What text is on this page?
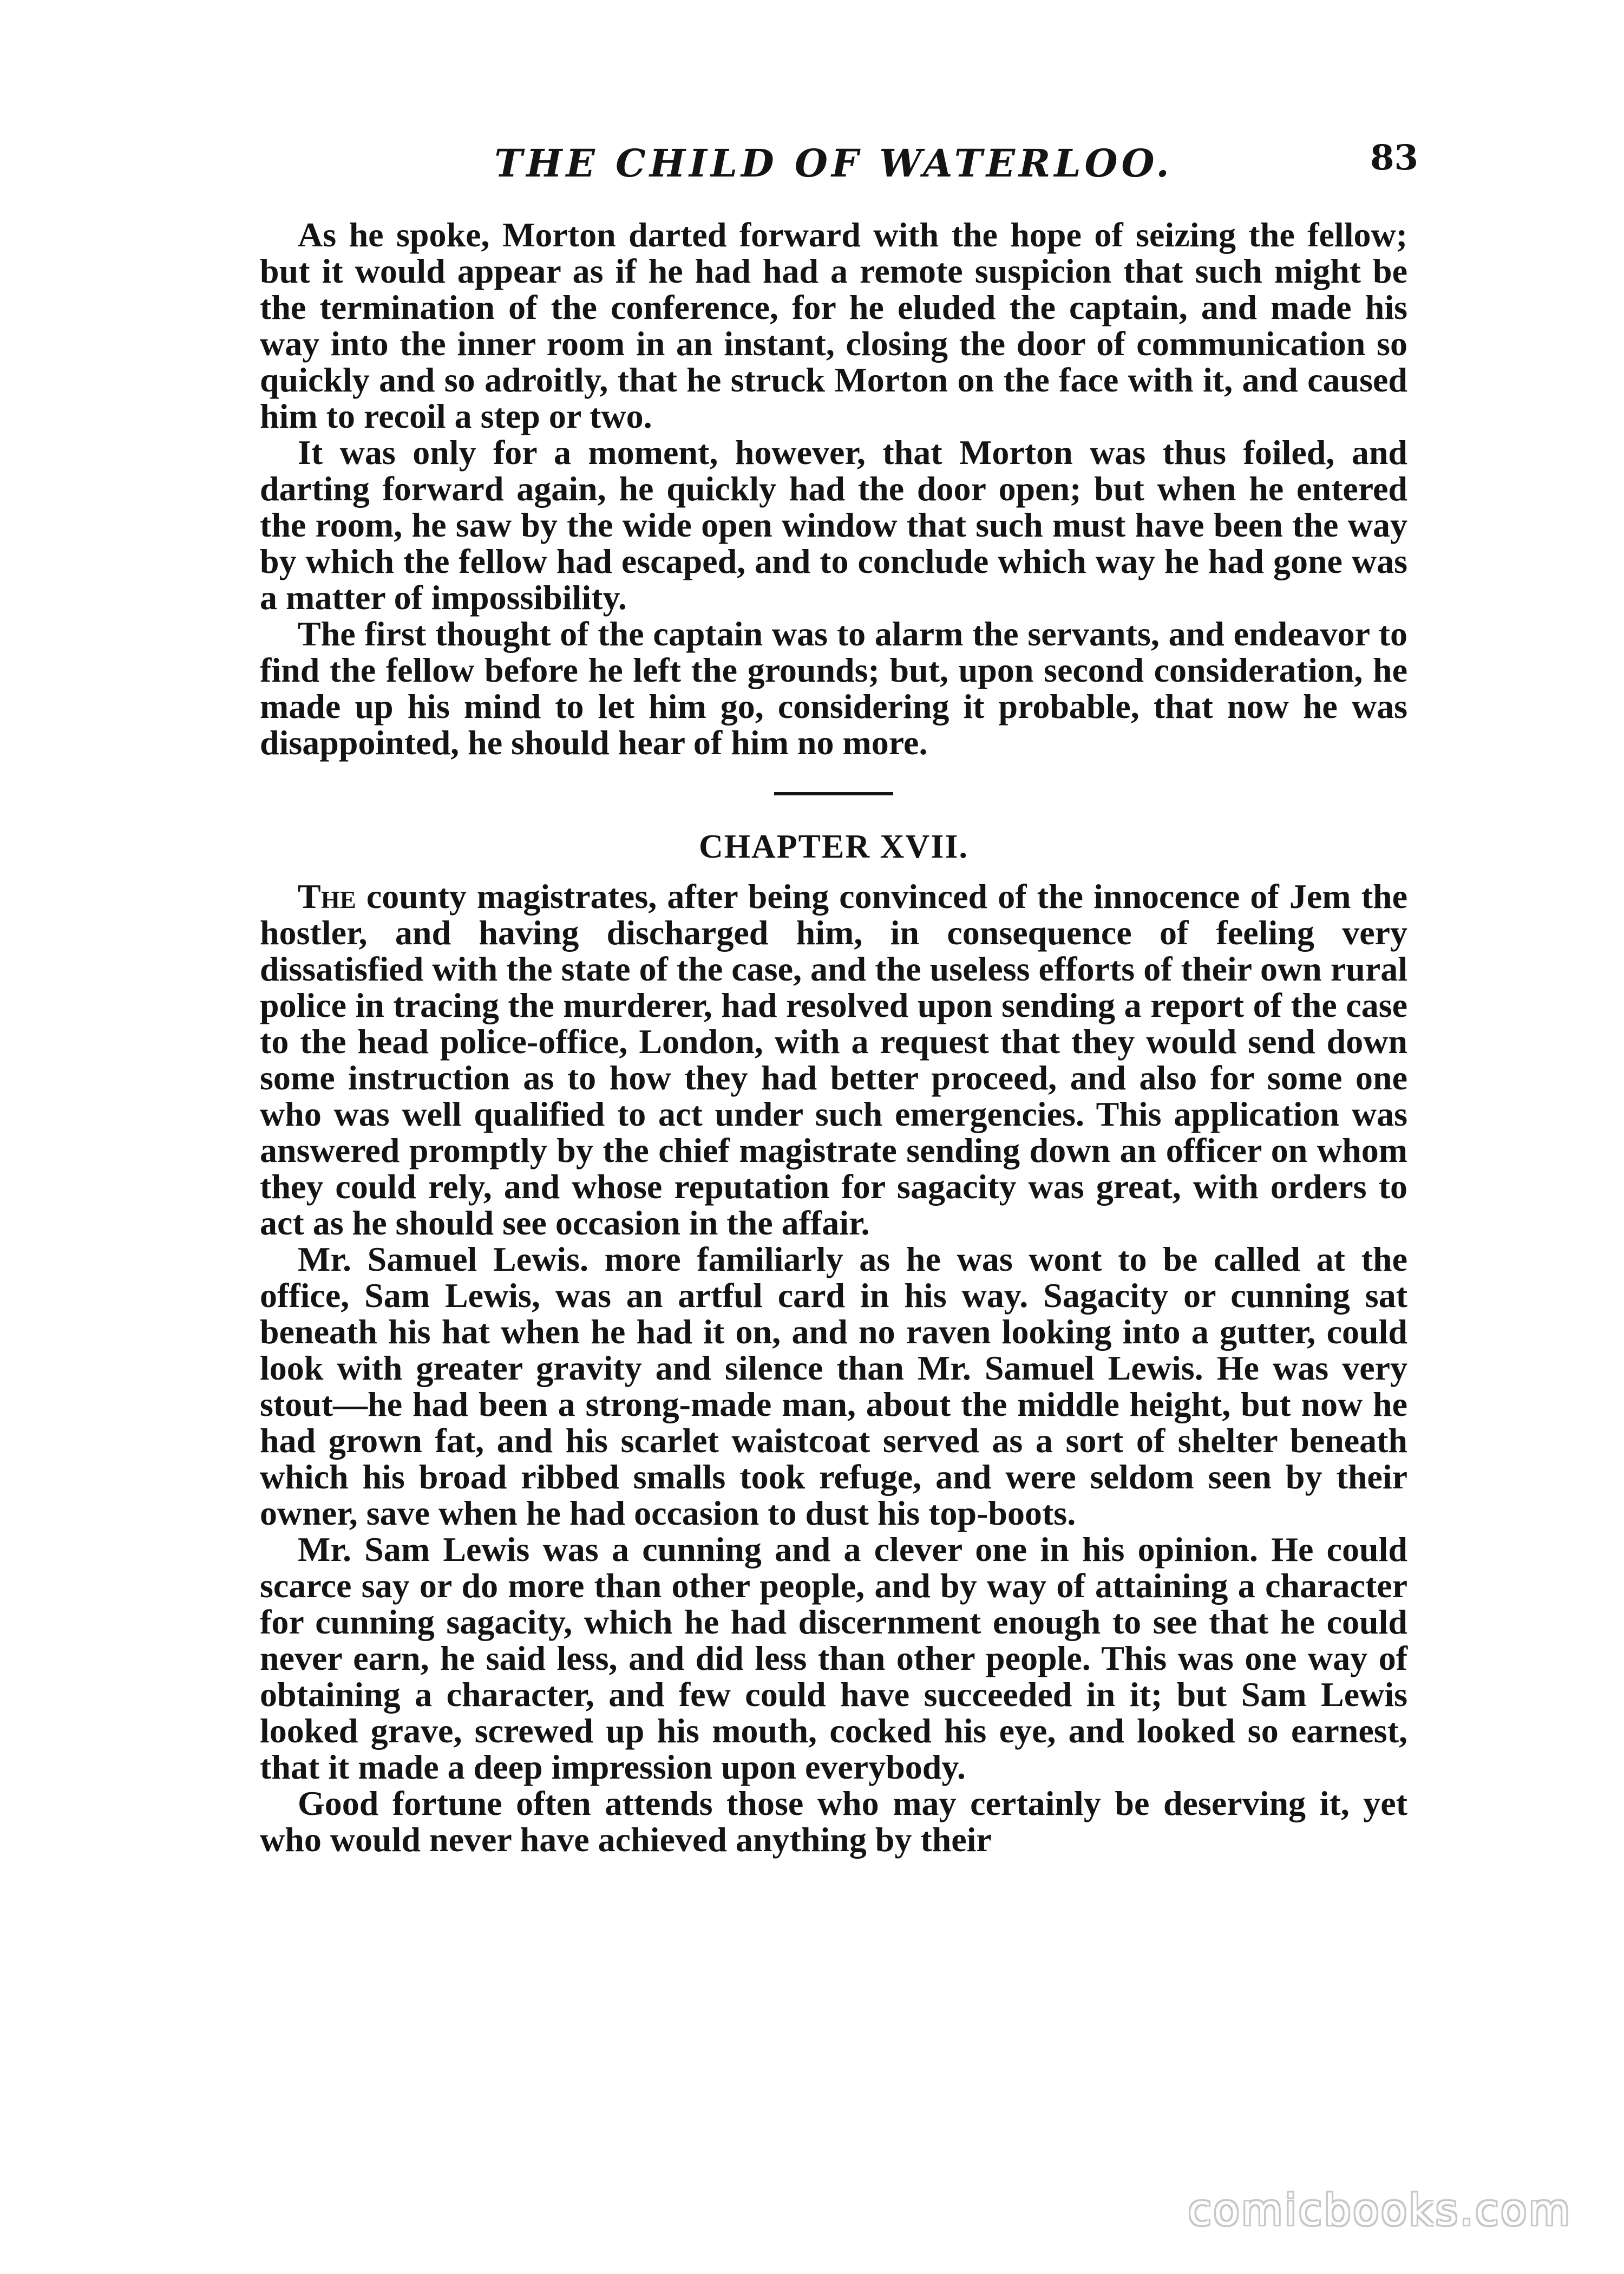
THE CHILD OF WATERLOO.	83

As he spoke, Morton darted forward with the hope of seizing the fellow; but it would appear as if he had had a remote suspicion that such might be the termination of the conference, for he eluded the captain, and made his way into the inner room in an instant, closing the door of communication so quickly and so adroitly, that he struck Morton on the face with it, and caused him to recoil a step or two.

It was only for a moment, however, that Morton was thus foiled, and darting forward again, he quickly had the door open; but when he entered the room, he saw by the wide open window that such must have been the way by which the fellow had escaped, and to conclude which way he had gone was a matter of impossibility.

The first thought of the captain was to alarm the servants, and endeavor to find the fellow before he left the grounds; but, upon second consideration, he made up his mind to let him go, considering it probable, that now he was disappointed, he should hear of him no more.

CHAPTER XVII.

The county magistrates, after being convinced of the innocence of Jem the hostler, and having discharged him, in consequence of feeling very dissatisfied with the state of the case, and the useless efforts of their own rural police in tracing the murderer, had resolved upon sending a report of the case to the head police-office, London, with a request that they would send down some instruction as to how they had better proceed, and also for some one who was well qualified to act under such emergencies. This application was answered promptly by the chief magistrate sending down an officer on whom they could rely, and whose reputation for sagacity was great, with orders to act as he should see occasion in the affair.

Mr. Samuel Lewis. more familiarly as he was wont to be called at the office, Sam Lewis, was an artful card in his way. Sagacity or cunning sat beneath his hat when he had it on, and no raven looking into a gutter, could look with greater gravity and silence than Mr. Samuel Lewis. He was very stout—he had been a strong-made man, about the middle height, but now he had grown fat, and his scarlet waistcoat served as a sort of shelter beneath which his broad ribbed smalls took refuge, and were seldom seen by their owner, save when he had occasion to dust his top-boots.

Mr. Sam Lewis was a cunning and a clever one in his opinion. He could scarce say or do more than other people, and by way of attaining a character for cunning sagacity, which he had discernment enough to see that he could never earn, he said less, and did less than other people. This was one way of obtaining a character, and few could have succeeded in it; but Sam Lewis looked grave, screwed up his mouth, cocked his eye, and looked so earnest, that it made a deep impression upon everybody.

Good fortune often attends those who may certainly be deserving it, yet who would never have achieved anything by their

comicbooks.com
